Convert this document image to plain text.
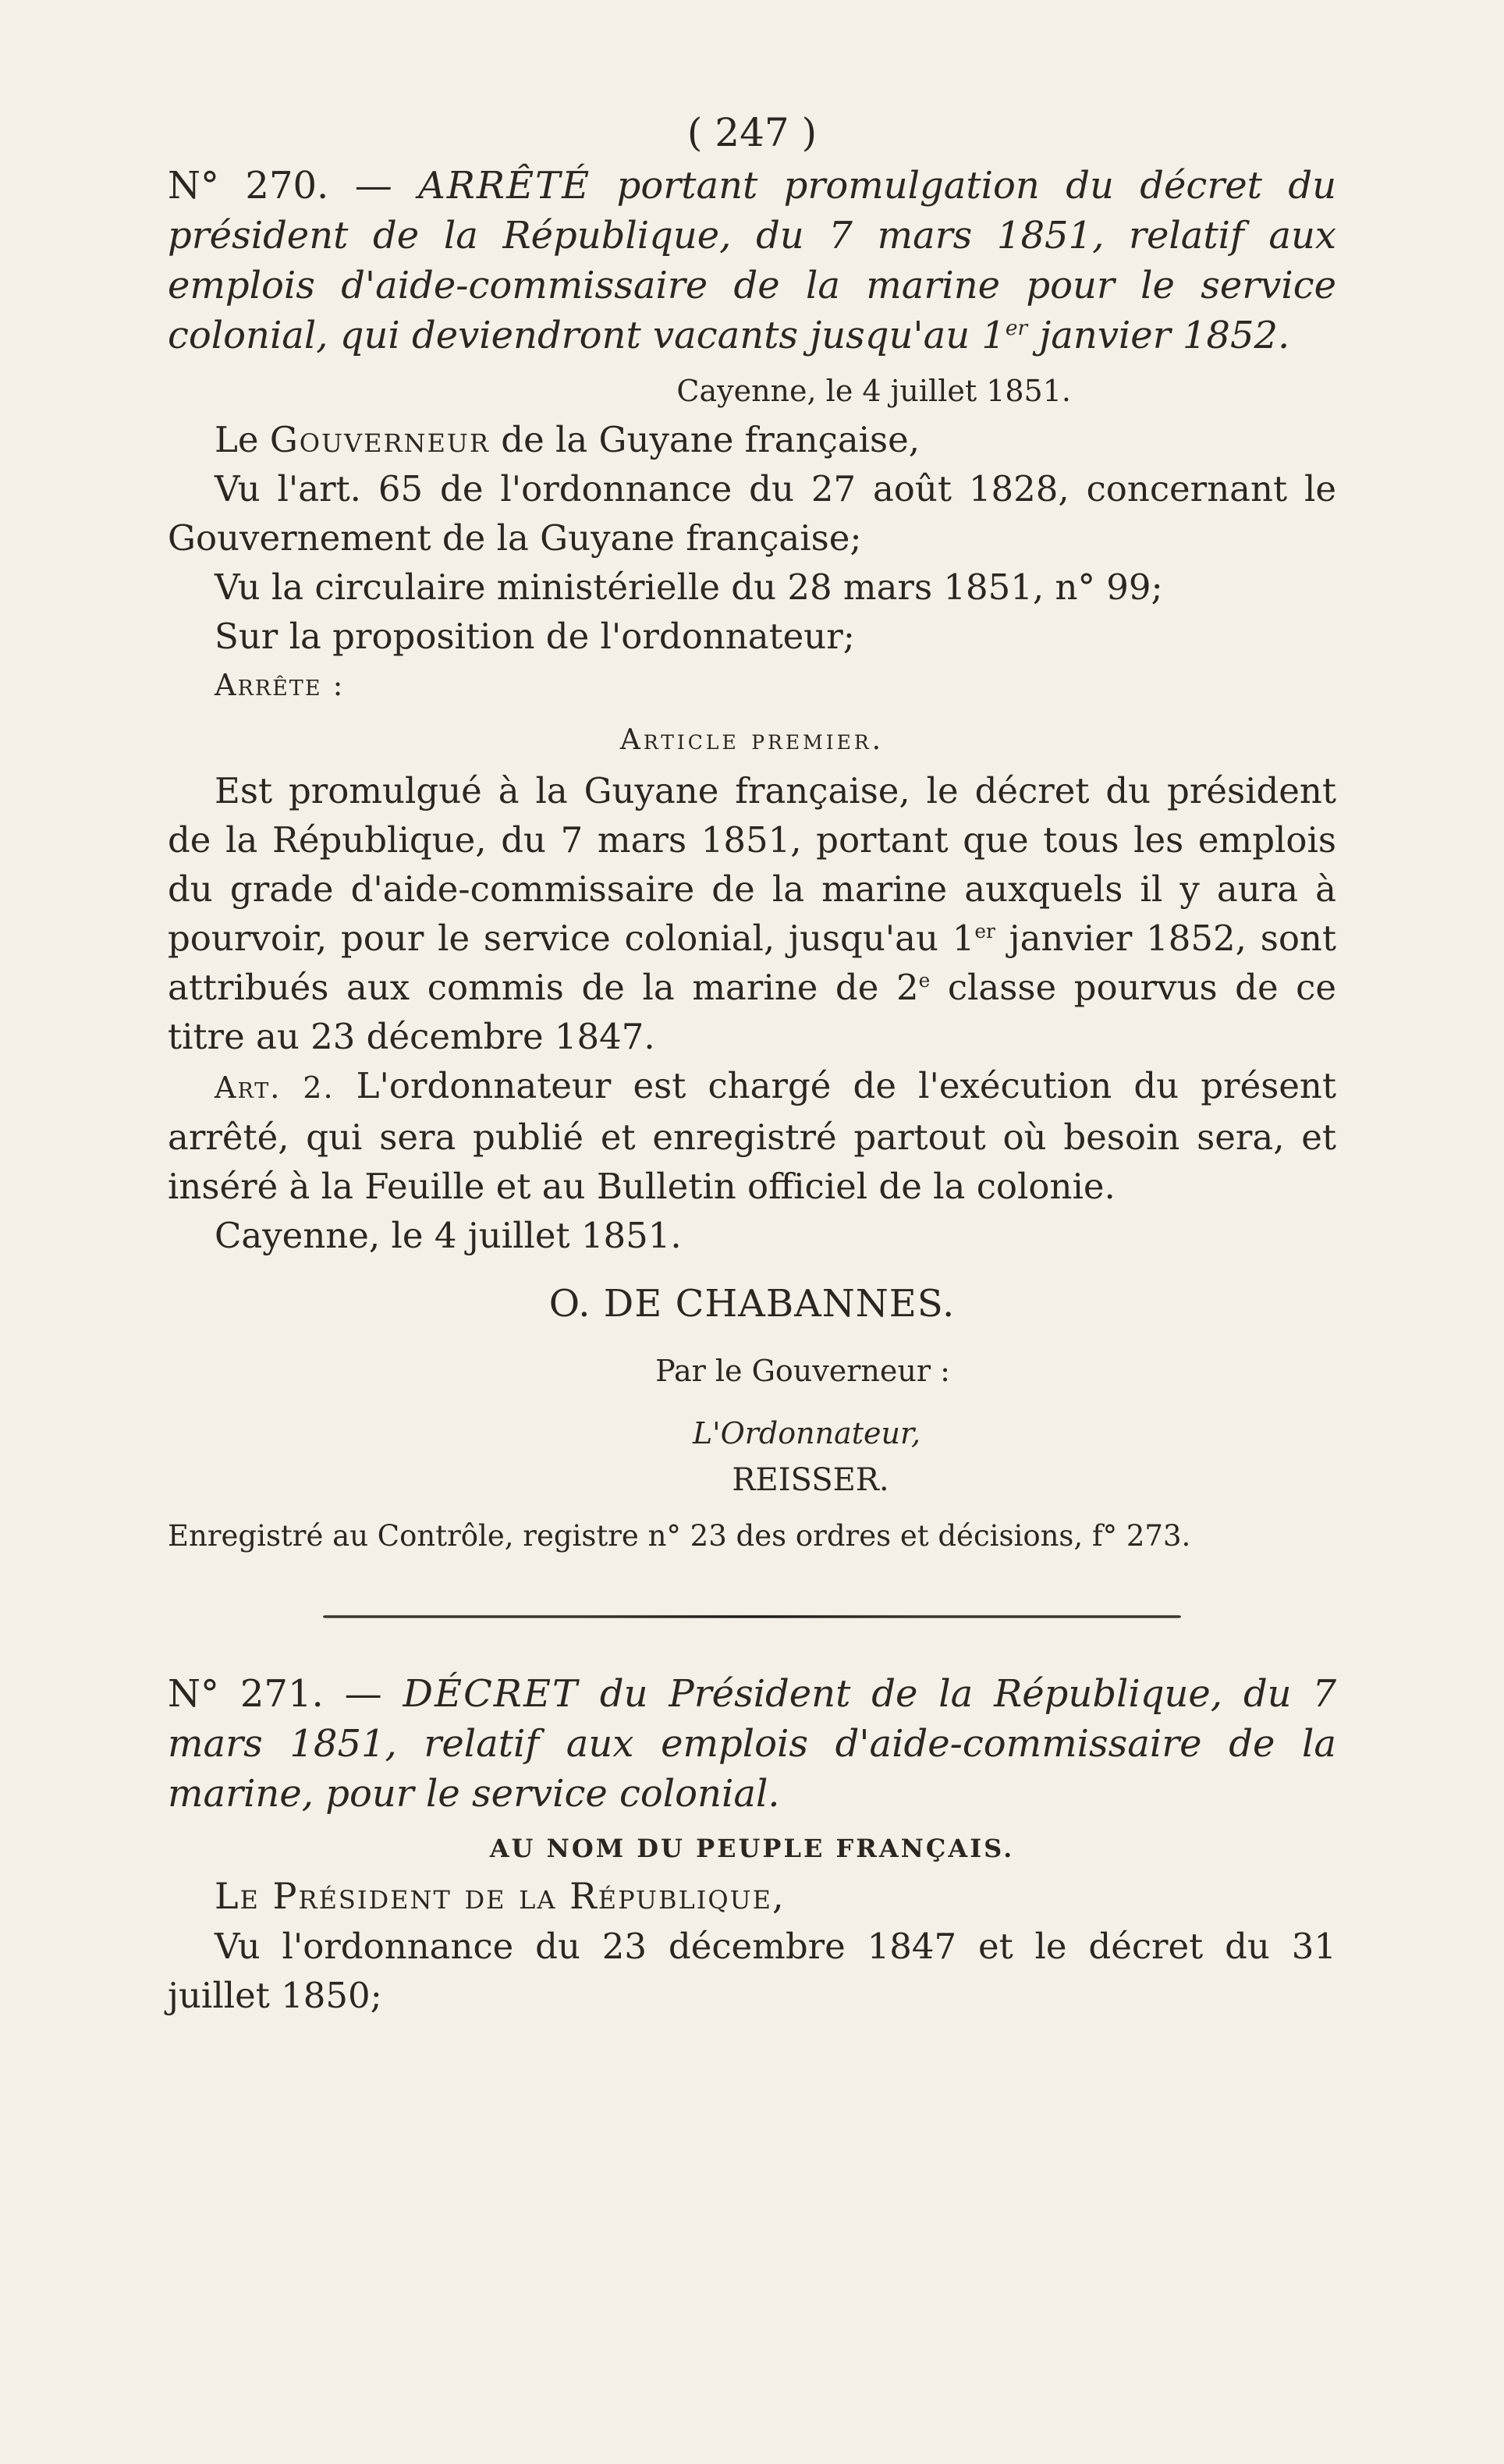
( 247 )

N° 270. — ARRÊTÉ portant promulgation du décret du président de la République, du 7 mars 1851, relatif aux emplois d'aide-commissaire de la marine pour le service colonial, qui deviendront vacants jusqu'au 1er janvier 1852.

Cayenne, le 4 juillet 1851.

Le Gouverneur de la Guyane française,

Vu l'art. 65 de l'ordonnance du 27 août 1828, concernant le Gouvernement de la Guyane française;

Vu la circulaire ministérielle du 28 mars 1851, n° 99;

Sur la proposition de l'ordonnateur;

Arrête :

Article premier.

Est promulgué à la Guyane française, le décret du président de la République, du 7 mars 1851, portant que tous les emplois du grade d'aide-commissaire de la marine auxquels il y aura à pourvoir, pour le service colonial, jusqu'au 1er janvier 1852, sont attribués aux commis de la marine de 2e classe pourvus de ce titre au 23 décembre 1847.

Art. 2. L'ordonnateur est chargé de l'exécution du présent arrêté, qui sera publié et enregistré partout où besoin sera, et inséré à la Feuille et au Bulletin officiel de la colonie.

Cayenne, le 4 juillet 1851.

O. DE CHABANNES.

Par le Gouverneur :

L'Ordonnateur,

REISSER.

Enregistré au Contrôle, registre n° 23 des ordres et décisions, f° 273.

N° 271. — DÉCRET du Président de la République, du 7 mars 1851, relatif aux emplois d'aide-commissaire de la marine, pour le service colonial.

AU NOM DU PEUPLE FRANÇAIS.

Le Président de la République,

Vu l'ordonnance du 23 décembre 1847 et le décret du 31 juillet 1850;
